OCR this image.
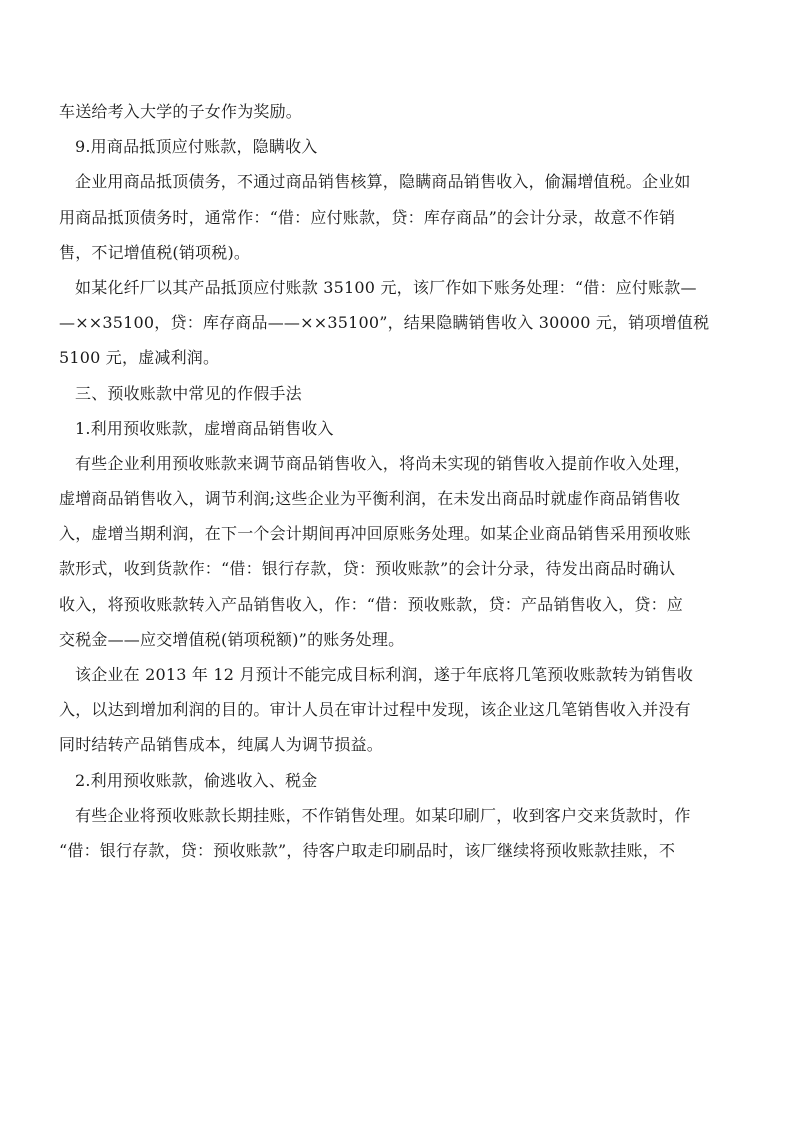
车送给考入大学的子女作为奖励。
9.用商品抵顶应付账款，隐瞒收入
企业用商品抵顶债务，不通过商品销售核算，隐瞒商品销售收入，偷漏增值税。企业如
用商品抵顶债务时，通常作：“借：应付账款，贷：库存商品”的会计分录，故意不作销
售，不记增值税(销项税)。
如某化纤厂以其产品抵顶应付账款 35100 元，该厂作如下账务处理：“借：应付账款—
—××35100，贷：库存商品——××35100”，结果隐瞒销售收入 30000 元，销项增值税
5100 元，虚减利润。
三、预收账款中常见的作假手法
1.利用预收账款，虚增商品销售收入
有些企业利用预收账款来调节商品销售收入，将尚未实现的销售收入提前作收入处理，
虚增商品销售收入，调节利润;这些企业为平衡利润，在未发出商品时就虚作商品销售收
入，虚增当期利润，在下一个会计期间再冲回原账务处理。如某企业商品销售采用预收账
款形式，收到货款作：“借：银行存款，贷：预收账款”的会计分录，待发出商品时确认
收入，将预收账款转入产品销售收入，作：“借：预收账款，贷：产品销售收入，贷：应
交税金——应交增值税(销项税额)”的账务处理。
该企业在 2013 年 12 月预计不能完成目标利润，遂于年底将几笔预收账款转为销售收
入，以达到增加利润的目的。审计人员在审计过程中发现，该企业这几笔销售收入并没有
同时结转产品销售成本，纯属人为调节损益。
2.利用预收账款，偷逃收入、税金
有些企业将预收账款长期挂账，不作销售处理。如某印刷厂，收到客户交来货款时，作
“借：银行存款，贷：预收账款”，待客户取走印刷品时，该厂继续将预收账款挂账，不
